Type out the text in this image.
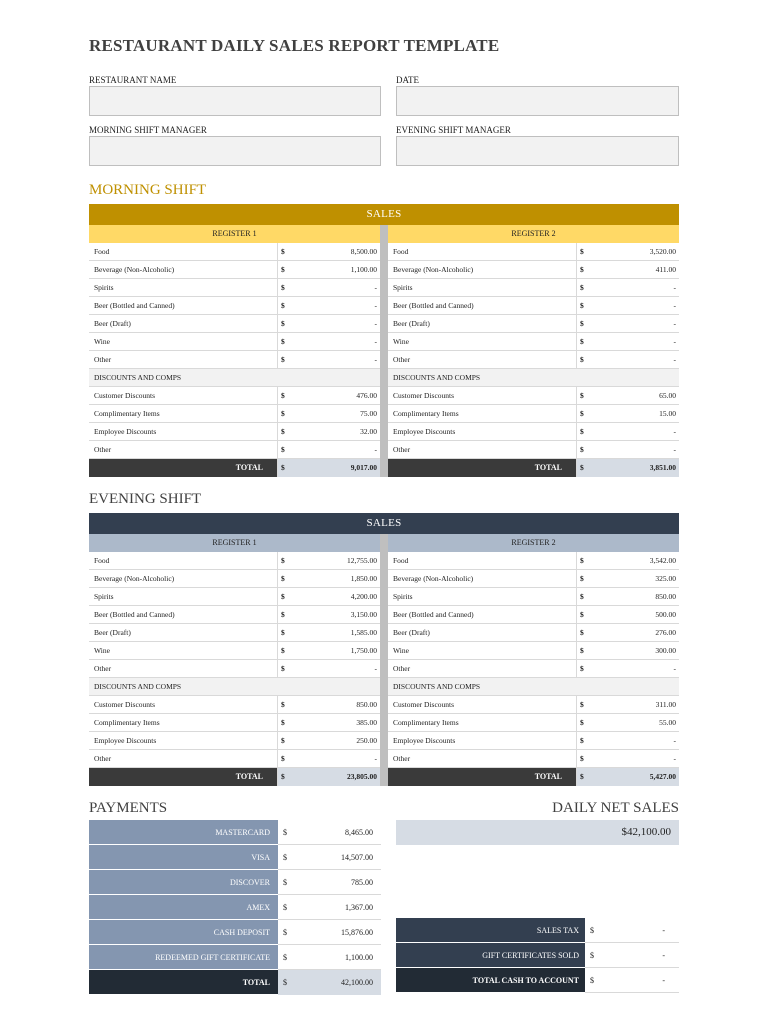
RESTAURANT DAILY SALES REPORT TEMPLATE
RESTAURANT NAME	DATE
MORNING SHIFT MANAGER	EVENING SHIFT MANAGER
MORNING SHIFT
SALES
REGISTER 1
Food	$	8,500.00
Beverage (Non-Alcoholic)	$	1,100.00
Spirits	$	-
Beer (Bottled and Canned)	$	-
Beer (Draft)	$	-
Wine	$	-
Other	$	-
DISCOUNTS AND COMPS
Customer Discounts	$	476.00
Complimentary Items	$	75.00
Employee Discounts	$	32.00
Other	$	-
TOTAL	$	9,017.00
REGISTER 2
Food	$	3,520.00
Beverage (Non-Alcoholic)	$	411.00
Spirits	$	-
Beer (Bottled and Canned)	$	-
Beer (Draft)	$	-
Wine	$	-
Other	$	-
DISCOUNTS AND COMPS
Customer Discounts	$	65.00
Complimentary Items	$	15.00
Employee Discounts	$	-
Other	$	-
TOTAL	$	3,851.00
EVENING SHIFT
SALES
REGISTER 1
Food	$	12,755.00
Beverage (Non-Alcoholic)	$	1,850.00
Spirits	$	4,200.00
Beer (Bottled and Canned)	$	3,150.00
Beer (Draft)	$	1,585.00
Wine	$	1,750.00
Other	$	-
DISCOUNTS AND COMPS
Customer Discounts	$	850.00
Complimentary Items	$	385.00
Employee Discounts	$	250.00
Other	$	-
TOTAL	$	23,805.00
REGISTER 2
Food	$	3,542.00
Beverage (Non-Alcoholic)	$	325.00
Spirits	$	850.00
Beer (Bottled and Canned)	$	500.00
Beer (Draft)	$	276.00
Wine	$	300.00
Other	$	-
DISCOUNTS AND COMPS
Customer Discounts	$	311.00
Complimentary Items	$	55.00
Employee Discounts	$	-
Other	$	-
TOTAL	$	5,427.00
PAYMENTS
MASTERCARD	$	8,465.00
VISA	$	14,507.00
DISCOVER	$	785.00
AMEX	$	1,367.00
CASH DEPOSIT	$	15,876.00
REDEEMED GIFT CERTIFICATE	$	1,100.00
TOTAL	$	42,100.00
DAILY NET SALES
$42,100.00
SALES TAX	$	-
GIFT CERTIFICATES SOLD	$	-
TOTAL CASH TO ACCOUNT	$	-
